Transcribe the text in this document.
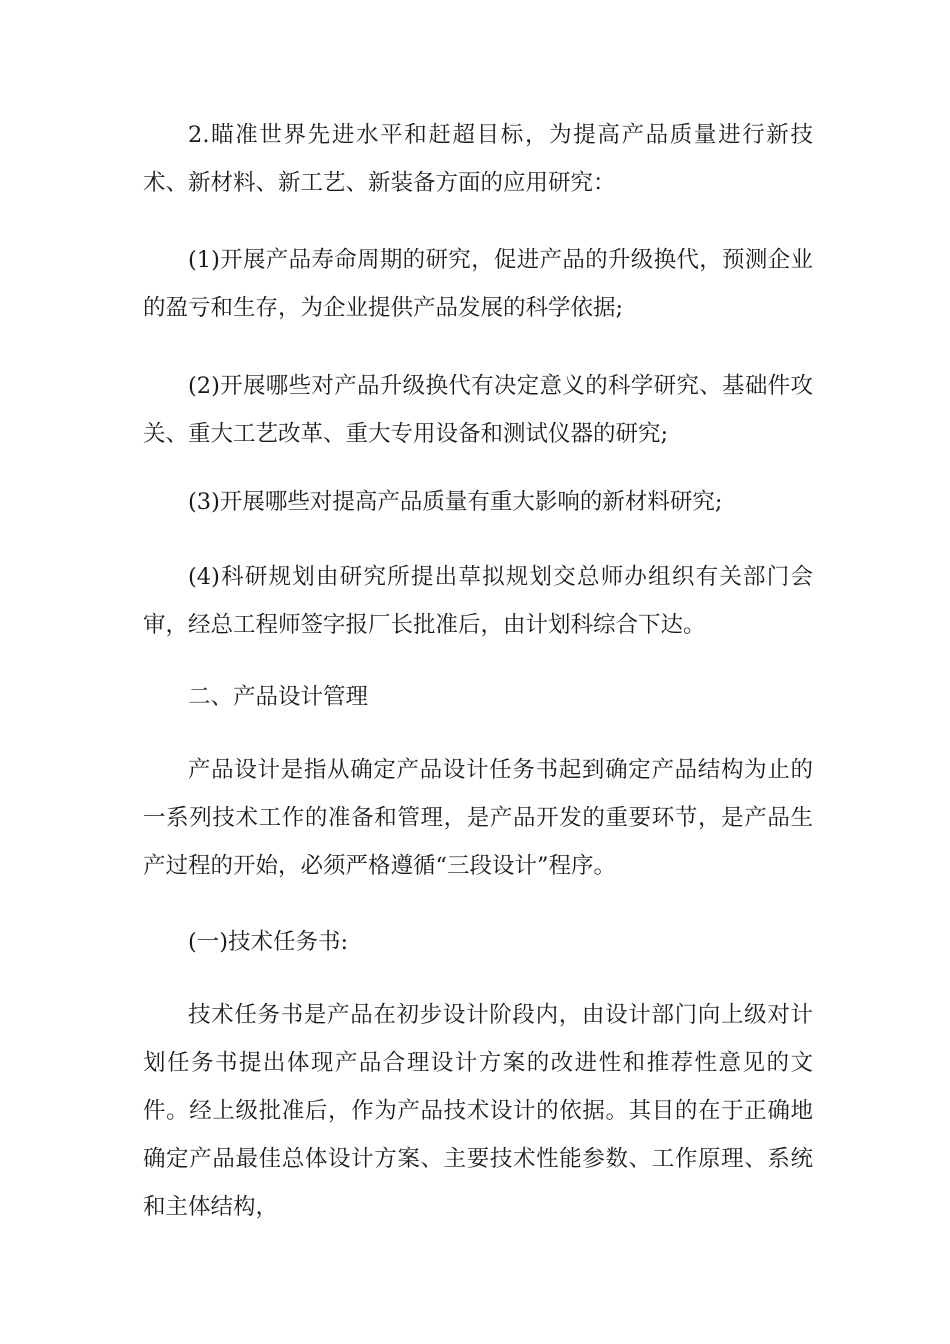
2.瞄准世界先进水平和赶超目标，为提高产品质量进行新技术、新材料、新工艺、新装备方面的应用研究：

(1)开展产品寿命周期的研究，促进产品的升级换代，预测企业的盈亏和生存，为企业提供产品发展的科学依据;

(2)开展哪些对产品升级换代有决定意义的科学研究、基础件攻关、重大工艺改革、重大专用设备和测试仪器的研究;

(3)开展哪些对提高产品质量有重大影响的新材料研究;

(4)科研规划由研究所提出草拟规划交总师办组织有关部门会审，经总工程师签字报厂长批准后，由计划科综合下达。

二、产品设计管理

产品设计是指从确定产品设计任务书起到确定产品结构为止的一系列技术工作的准备和管理，是产品开发的重要环节，是产品生产过程的开始，必须严格遵循“三段设计”程序。

(一)技术任务书:

技术任务书是产品在初步设计阶段内，由设计部门向上级对计划任务书提出体现产品合理设计方案的改进性和推荐性意见的文件。经上级批准后，作为产品技术设计的依据。其目的在于正确地确定产品最佳总体设计方案、主要技术性能参数、工作原理、系统和主体结构，
